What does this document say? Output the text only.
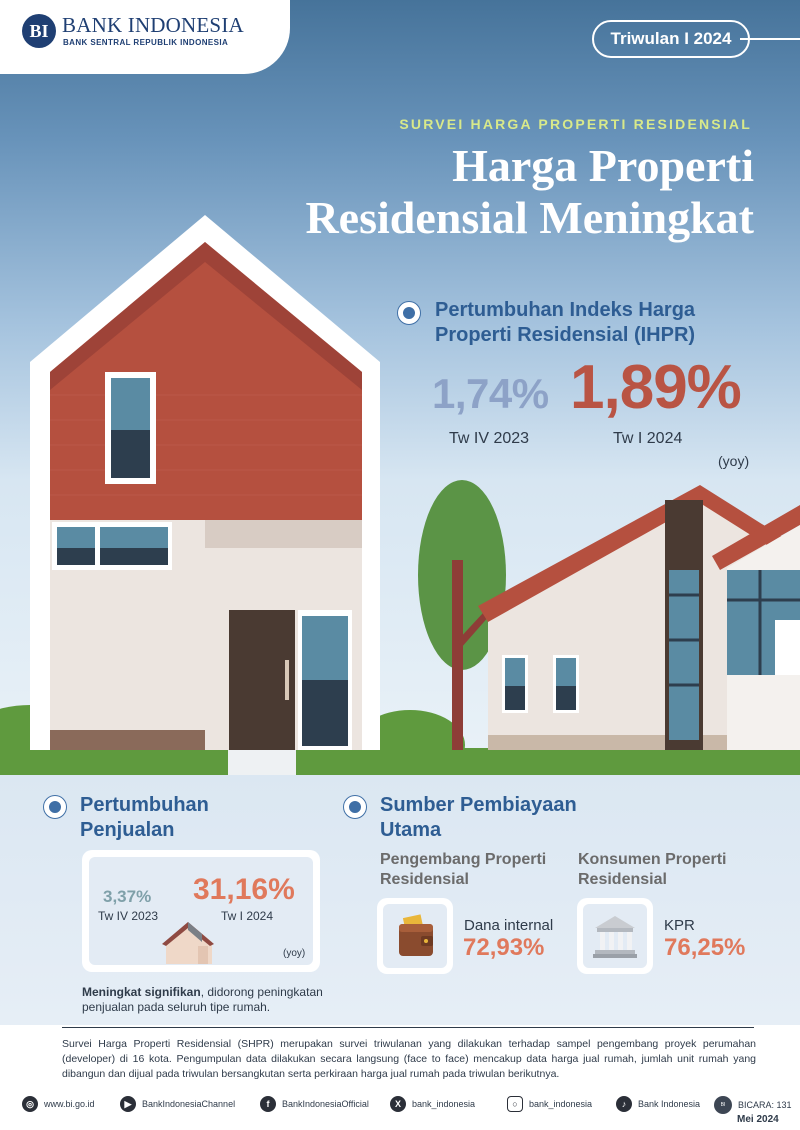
BI BANK INDONESIA
BANK SENTRAL REPUBLIK INDONESIA	Triwulan I 2024
SURVEI HARGA PROPERTI RESIDENSIAL
Harga Properti Residensial Meningkat
Pertumbuhan Indeks Harga Properti Residensial (IHPR)
1,74% 1,89%
Tw IV 2023	Tw I 2024
(yoy)
Pertumbuhan Penjualan
3,37%
Tw IV 2023
31,16%
Tw I 2024
(yoy)
Meningkat signifikan, didorong peningkatan penjualan pada seluruh tipe rumah.
Sumber Pembiayaan Utama
Pengembang Properti Residensial
Dana internal
72,93%
Konsumen Properti Residensial
KPR
76,25%
Survei Harga Properti Residensial (SHPR) merupakan survei triwulanan yang dilakukan terhadap sampel pengembang proyek perumahan (developer) di 16 kota. Pengumpulan data dilakukan secara langsung (face to face) mencakup data harga jual rumah, jumlah unit rumah yang dibangun dan dijual pada triwulan bersangkutan serta perkiraan harga jual rumah pada triwulan berikutnya.
◎	www.bi.go.id	▶	BankIndonesiaChannel	f	BankIndonesiaOfficial	X	bank_indonesia	○	bank_indonesia	♪	Bank Indonesia	BI	BICARA: 131
Mei 2024
